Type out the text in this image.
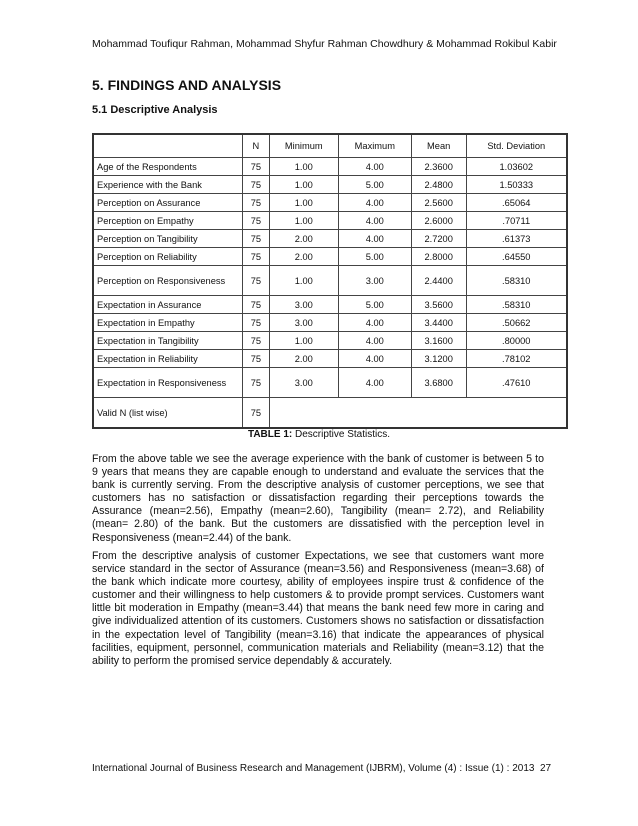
Mohammad Toufiqur Rahman, Mohammad Shyfur Rahman Chowdhury & Mohammad Rokibul Kabir
5. FINDINGS AND ANALYSIS
5.1 Descriptive Analysis
	N	Minimum	Maximum	Mean	Std. Deviation
Age of the Respondents	75	1.00	4.00	2.3600	1.03602
Experience with the Bank	75	1.00	5.00	2.4800	1.50333
Perception on Assurance	75	1.00	4.00	2.5600	.65064
Perception on Empathy	75	1.00	4.00	2.6000	.70711
Perception on Tangibility	75	2.00	4.00	2.7200	.61373
Perception on Reliability	75	2.00	5.00	2.8000	.64550
Perception on Responsiveness	75	1.00	3.00	2.4400	.58310
Expectation in Assurance	75	3.00	5.00	3.5600	.58310
Expectation in Empathy	75	3.00	4.00	3.4400	.50662
Expectation in Tangibility	75	1.00	4.00	3.1600	.80000
Expectation in Reliability	75	2.00	4.00	3.1200	.78102
Expectation in Responsiveness	75	3.00	4.00	3.6800	.47610
Valid N (list wise)	75				
TABLE 1: Descriptive Statistics.
From the above table we see the average experience with the bank of customer is between 5 to 9 years that means they are capable enough to understand and evaluate the services that the bank is currently serving. From the descriptive analysis of customer perceptions, we see that customers has no satisfaction or dissatisfaction regarding their perceptions towards the Assurance (mean=2.56), Empathy (mean=2.60), Tangibility (mean= 2.72), and Reliability (mean= 2.80) of the bank. But the customers are dissatisfied with the perception level in Responsiveness (mean=2.44) of the bank.
From the descriptive analysis of customer Expectations, we see that customers want more service standard in the sector of Assurance (mean=3.56) and Responsiveness (mean=3.68) of the bank which indicate more courtesy, ability of employees inspire trust & confidence of the customer and their willingness to help customers & to provide prompt services. Customers want little bit moderation in Empathy (mean=3.44) that means the bank need few more in caring and give individualized attention of its customers. Customers shows no satisfaction or dissatisfaction in the expectation level of Tangibility (mean=3.16) that indicate the appearances of physical facilities, equipment, personnel, communication materials and Reliability (mean=3.12) that the ability to perform the promised service dependably & accurately.
International Journal of Business Research and Management (IJBRM), Volume (4) : Issue (1) : 2013 27
